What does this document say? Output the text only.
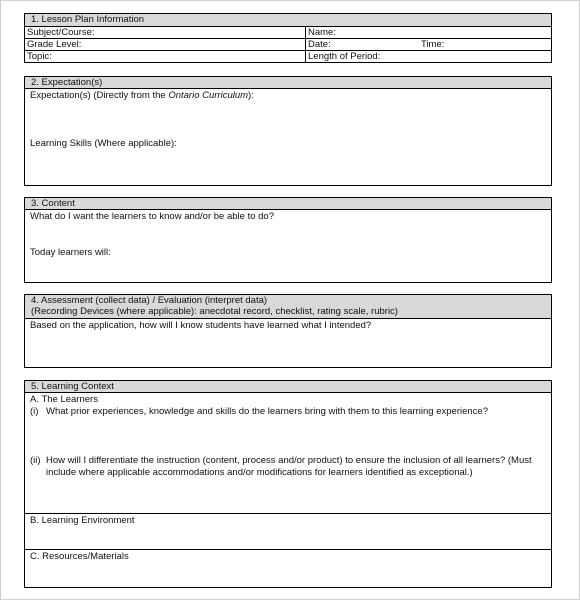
1. Lesson Plan Information
Subject/Course:	Name:
Grade Level:	Date:	Time:
Topic:	Length of Period:
2. Expectation(s)
Expectation(s) (Directly from the Ontario Curriculum):
Learning Skills (Where applicable):
3. Content
What do I want the learners to know and/or be able to do?
Today learners will:
4. Assessment (collect data) / Evaluation (interpret data)
(Recording Devices (where applicable): anecdotal record, checklist, rating scale, rubric)
Based on the application, how will I know students have learned what I intended?
5. Learning Context
A. The Learners
(i) What prior experiences, knowledge and skills do the learners bring with them to this learning experience?
(ii) How will I differentiate the instruction (content, process and/or product) to ensure the inclusion of all learners? (Must
include where applicable accommodations and/or modifications for learners identified as exceptional.)
B. Learning Environment
C. Resources/Materials
